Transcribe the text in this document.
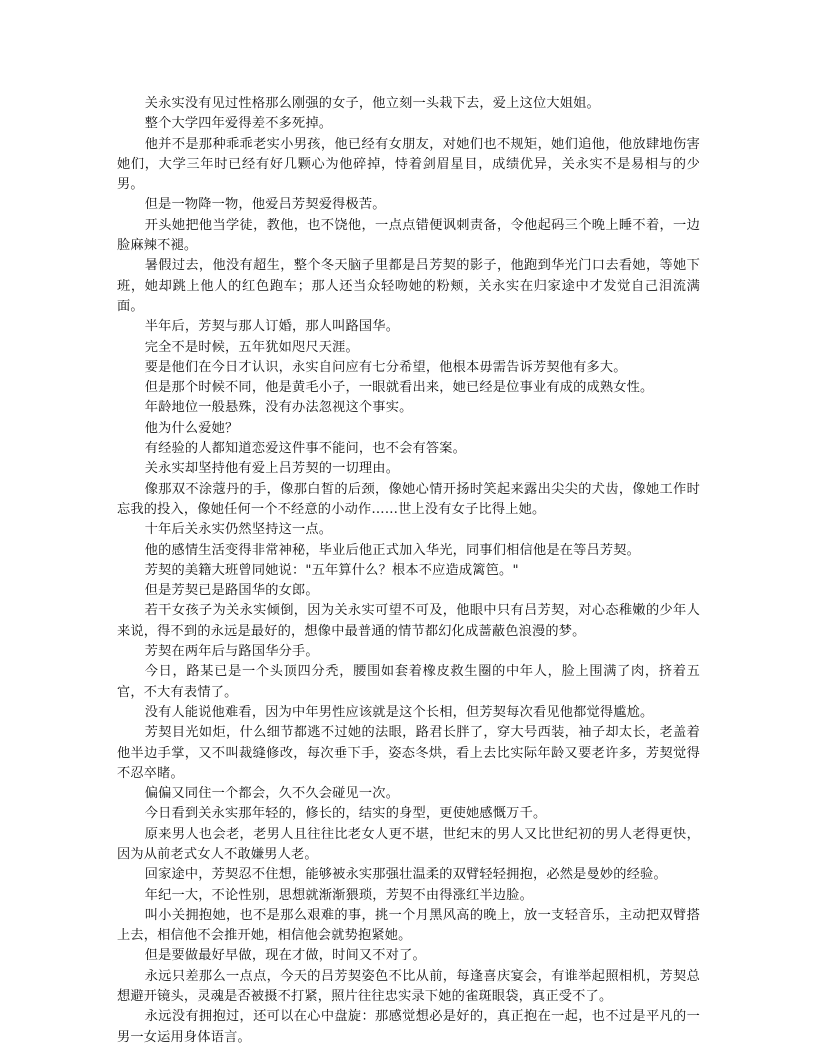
关永实没有见过性格那么刚强的女子，他立刻一头栽下去，爱上这位大姐姐。

整个大学四年爱得差不多死掉。

他并不是那种乖乖老实小男孩，他已经有女朋友，对她们也不规矩，她们追他，他放肆地伤害她们，大学三年时已经有好几颗心为他碎掉，恃着剑眉星目，成绩优异，关永实不是易相与的少男。

但是一物降一物，他爱吕芳契爱得极苦。

开头她把他当学徒，教他，也不饶他，一点点错便讽刺责备，令他起码三个晚上睡不着，一边脸麻辣不褪。

暑假过去，他没有超生，整个冬天脑子里都是吕芳契的影子，他跑到华光门口去看她，等她下班，她却跳上他人的红色跑车；那人还当众轻吻她的粉颊，关永实在归家途中才发觉自己泪流满面。

半年后，芳契与那人订婚，那人叫路国华。

完全不是时候，五年犹如咫尺天涯。

要是他们在今日才认识，永实自问应有七分希望，他根本毋需告诉芳契他有多大。

但是那个时候不同，他是黄毛小子，一眼就看出来，她已经是位事业有成的成熟女性。

年龄地位一般悬殊，没有办法忽视这个事实。

他为什么爱她？

有经验的人都知道恋爱这件事不能问，也不会有答案。

关永实却坚持他有爱上吕芳契的一切理由。

像那双不涂蔻丹的手，像那白皙的后颈，像她心情开扬时笑起来露出尖尖的犬齿，像她工作时忘我的投入，像她任何一个不经意的小动作……世上没有女子比得上她。

十年后关永实仍然坚持这一点。

他的感情生活变得非常神秘，毕业后他正式加入华光，同事们相信他是在等吕芳契。

芳契的美籍大班曾同她说："五年算什么？根本不应造成篱笆。"

但是芳契已是路国华的女郎。

若干女孩子为关永实倾倒，因为关永实可望不可及，他眼中只有吕芳契，对心态稚嫩的少年人来说，得不到的永远是最好的，想像中最普通的情节都幻化成蔷蔽色浪漫的梦。

芳契在两年后与路国华分手。

今日，路某已是一个头顶四分秃，腰围如套着橡皮救生圈的中年人，脸上围满了肉，挤着五官，不大有表情了。

没有人能说他难看，因为中年男性应该就是这个长相，但芳契每次看见他都觉得尴尬。

芳契目光如炬，什么细节都逃不过她的法眼，路君长胖了，穿大号西装，袖子却太长，老盖着他半边手掌，又不叫裁缝修改，每次垂下手，姿态冬烘，看上去比实际年龄又要老许多，芳契觉得不忍卒睹。

偏偏又同住一个都会，久不久会碰见一次。

今日看到关永实那年轻的，修长的，结实的身型，更使她感慨万千。

原来男人也会老，老男人且往往比老女人更不堪，世纪末的男人又比世纪初的男人老得更快，因为从前老式女人不敢嫌男人老。

回家途中，芳契忍不住想，能够被永实那强壮温柔的双臂轻轻拥抱，必然是曼妙的经验。

年纪一大，不论性别，思想就渐渐猥琐，芳契不由得涨红半边脸。

叫小关拥抱她，也不是那么艰难的事，挑一个月黑风高的晚上，放一支轻音乐，主动把双臂搭上去，相信他不会推开她，相信他会就势抱紧她。

但是要做最好早做，现在才做，时间又不对了。

永远只差那么一点点，今天的吕芳契姿色不比从前，每逢喜庆宴会，有谁举起照相机，芳契总想避开镜头，灵魂是否被摄不打紧，照片往往忠实录下她的雀斑眼袋，真正受不了。

永远没有拥抱过，还可以在心中盘旋：那感觉想必是好的，真正抱在一起，也不过是平凡的一男一女运用身体语言。
